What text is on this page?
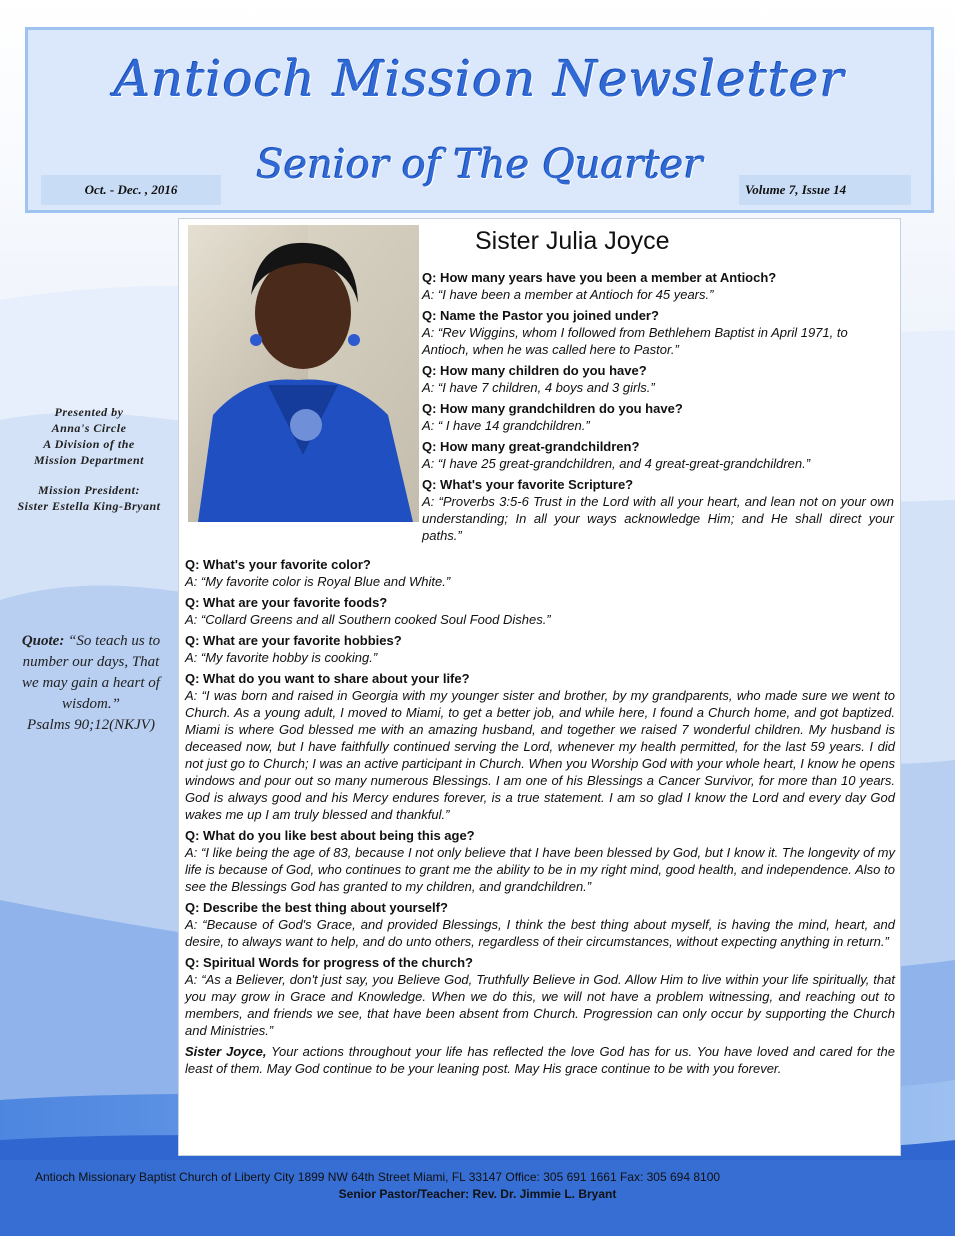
Antioch Mission Newsletter
Senior of The Quarter
Oct. - Dec. , 2016	Volume 7, Issue 14
Presented by
Anna's Circle
A Division of the
Mission Department
Mission President:
Sister Estella King-Bryant
Quote: “So teach us to number our days, That we may gain a heart of wisdom.”
Psalms 90;12(NKJV)
Sister Julia Joyce
Q: How many years have you been a member at Antioch?
A: “I have been a member at Antioch for 45 years.”
Q: Name the Pastor you joined under?
A: “Rev Wiggins, whom I followed from Bethlehem Baptist in April 1971, to Antioch, when he was called here to Pastor.”
Q: How many children do you have?
A: “I have 7 children, 4 boys and 3 girls.”
Q: How many grandchildren do you have?
A: “ I have 14 grandchildren.”
Q: How many great-grandchildren?
A: “I have 25 great-grandchildren, and 4 great-great-grandchildren.”
Q: What's your favorite Scripture?
A: “Proverbs 3:5-6 Trust in the Lord with all your heart, and lean not on your own understanding; In all your ways acknowledge Him; and He shall direct your paths.”
Q: What's your favorite color?
A: “My favorite color is Royal Blue and White.”
Q: What are your favorite foods?
A: “Collard Greens and all Southern cooked Soul Food Dishes.”
Q: What are your favorite hobbies?
A: “My favorite hobby is cooking.”
Q: What do you want to share about your life?
A: “I was born and raised in Georgia with my younger sister and brother, by my grandparents, who made sure we went to Church. As a young adult, I moved to Miami, to get a better job, and while here, I found a Church home, and got baptized. Miami is where God blessed me with an amazing husband, and together we raised 7 wonderful children. My husband is deceased now, but I have faithfully continued serving the Lord, whenever my health permitted, for the last 59 years. I did not just go to Church; I was an active participant in Church. When you Worship God with your whole heart, I know he opens windows and pour out so many numerous Blessings. I am one of his Blessings a Cancer Survivor, for more than 10 years. God is always good and his Mercy endures forever, is a true statement. I am so glad I know the Lord and every day God wakes me up I am truly blessed and thankful.”
Q: What do you like best about being this age?
A: “I like being the age of 83, because I not only believe that I have been blessed by God, but I know it. The longevity of my life is because of God, who continues to grant me the ability to be in my right mind, good health, and independence. Also to see the Blessings God has granted to my children, and grandchildren.”
Q: Describe the best thing about yourself?
A: “Because of God's Grace, and provided Blessings, I think the best thing about myself, is having the mind, heart, and desire, to always want to help, and do unto others, regardless of their circumstances, without expecting anything in return.”
Q: Spiritual Words for progress of the church?
A: “As a Believer, don't just say, you Believe God, Truthfully Believe in God. Allow Him to live within your life spiritually, that you may grow in Grace and Knowledge. When we do this, we will not have a problem witnessing, and reaching out to members, and friends we see, that have been absent from Church. Progression can only occur by supporting the Church and Ministries.”
Sister Joyce, Your actions throughout your life has reflected the love God has for us. You have loved and cared for the least of them. May God continue to be your leaning post. May His grace continue to be with you forever.
Antioch Missionary Baptist Church of Liberty City 1899 NW 64th Street Miami, FL 33147 Office: 305 691 1661 Fax: 305 694 8100
Senior Pastor/Teacher: Rev. Dr. Jimmie L. Bryant
